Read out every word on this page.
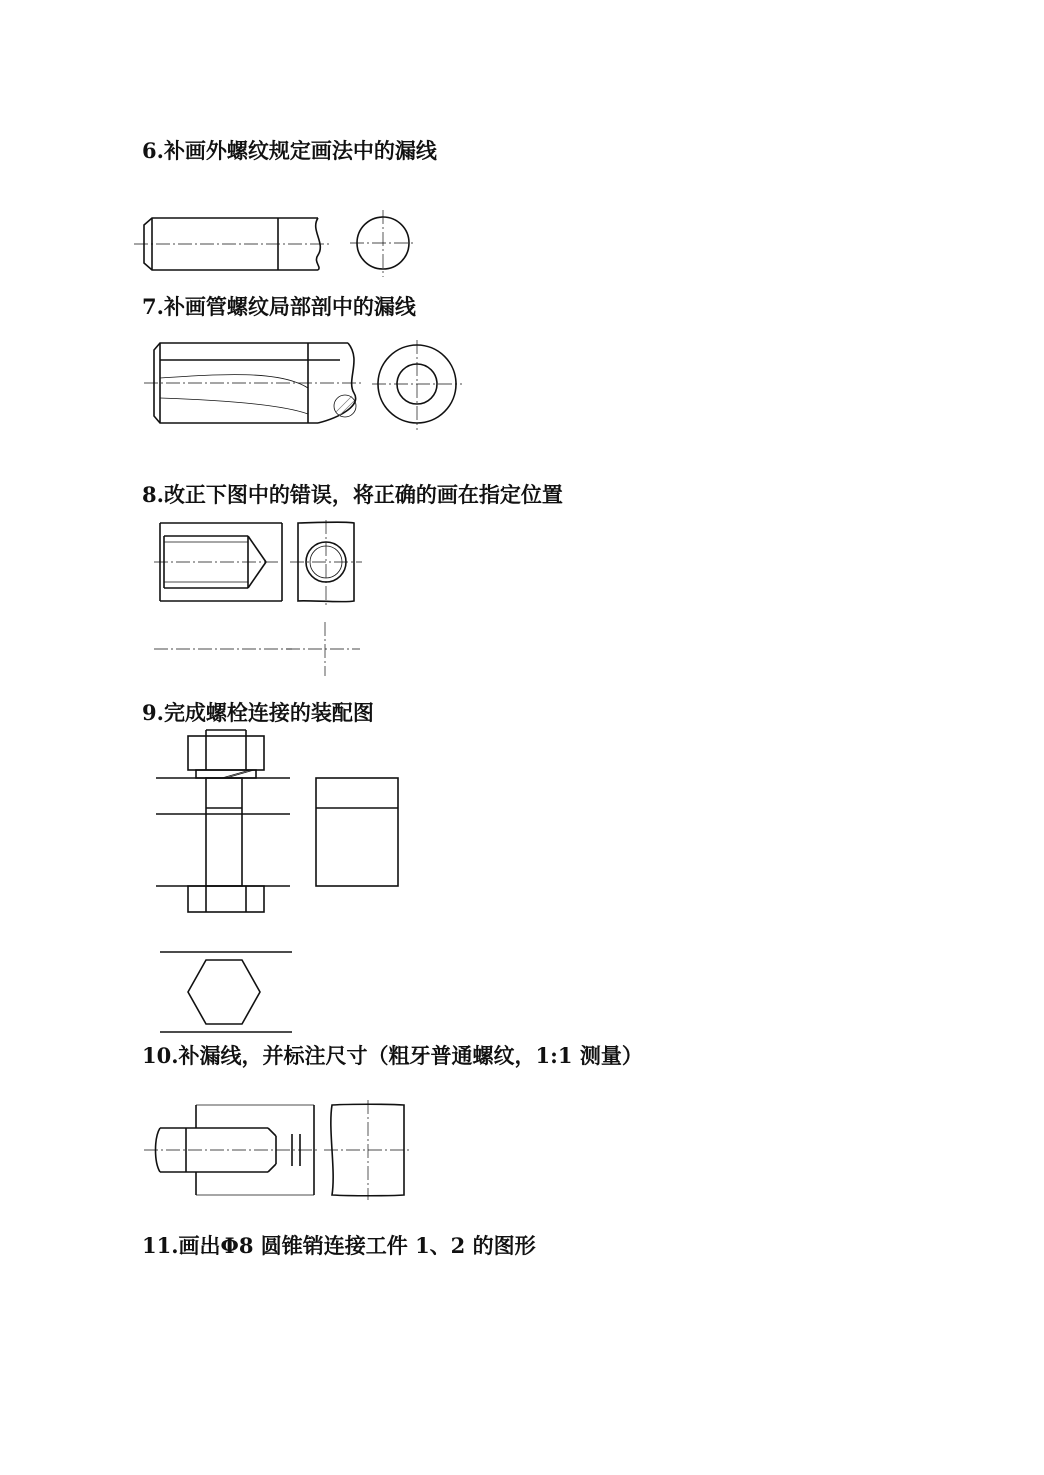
6.补画外螺纹规定画法中的漏线
7.补画管螺纹局部剖中的漏线
8.改正下图中的错误，将正确的画在指定位置
9.完成螺栓连接的装配图
10.补漏线，并标注尺寸（粗牙普通螺纹，1:1 测量）
11.画出Φ8 圆锥销连接工件 1、2 的图形
